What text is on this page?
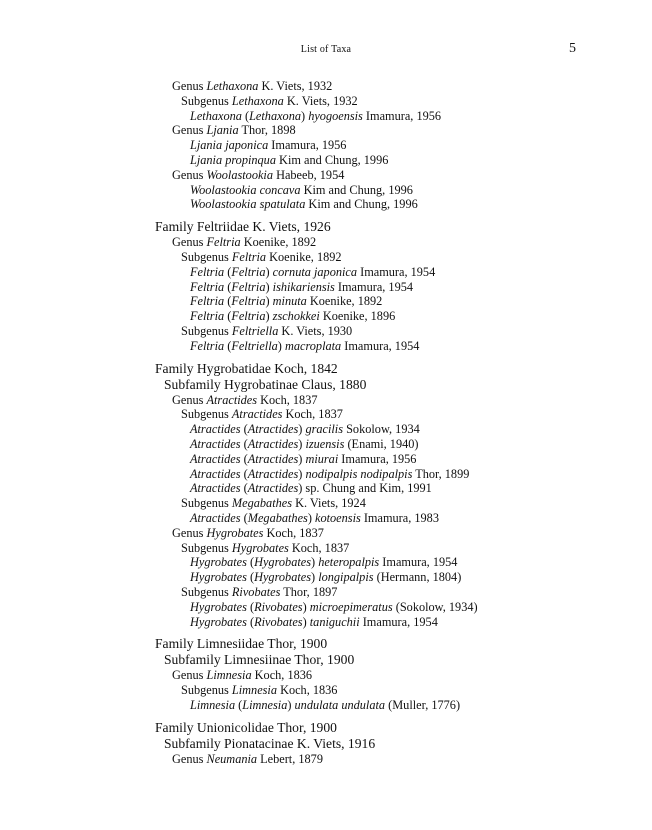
List of Taxa	5
Genus Lethaxona K. Viets, 1932
Subgenus Lethaxona K. Viets, 1932
Lethaxona (Lethaxona) hyogoensis Imamura, 1956
Genus Ljania Thor, 1898
Ljania japonica Imamura, 1956
Ljania propinqua Kim and Chung, 1996
Genus Woolastookia Habeeb, 1954
Woolastookia concava Kim and Chung, 1996
Woolastookia spatulata Kim and Chung, 1996
Family Feltriidae K. Viets, 1926
Genus Feltria Koenike, 1892
Subgenus Feltria Koenike, 1892
Feltria (Feltria) cornuta japonica Imamura, 1954
Feltria (Feltria) ishikariensis Imamura, 1954
Feltria (Feltria) minuta Koenike, 1892
Feltria (Feltria) zschokkei Koenike, 1896
Subgenus Feltriella K. Viets, 1930
Feltria (Feltriella) macroplata Imamura, 1954
Family Hygrobatidae Koch, 1842
Subfamily Hygrobatinae Claus, 1880
Genus Atractides Koch, 1837
Subgenus Atractides Koch, 1837
Atractides (Atractides) gracilis Sokolow, 1934
Atractides (Atractides) izuensis (Enami, 1940)
Atractides (Atractides) miurai Imamura, 1956
Atractides (Atractides) nodipalpis nodipalpis Thor, 1899
Atractides (Atractides) sp. Chung and Kim, 1991
Subgenus Megabathes K. Viets, 1924
Atractides (Megabathes) kotoensis Imamura, 1983
Genus Hygrobates Koch, 1837
Subgenus Hygrobates Koch, 1837
Hygrobates (Hygrobates) heteropalpis Imamura, 1954
Hygrobates (Hygrobates) longipalpis (Hermann, 1804)
Subgenus Rivobates Thor, 1897
Hygrobates (Rivobates) microepimeratus (Sokolow, 1934)
Hygrobates (Rivobates) taniguchii Imamura, 1954
Family Limnesiidae Thor, 1900
Subfamily Limnesiinae Thor, 1900
Genus Limnesia Koch, 1836
Subgenus Limnesia Koch, 1836
Limnesia (Limnesia) undulata undulata (Muller, 1776)
Family Unionicolidae Thor, 1900
Subfamily Pionatacinae K. Viets, 1916
Genus Neumania Lebert, 1879
